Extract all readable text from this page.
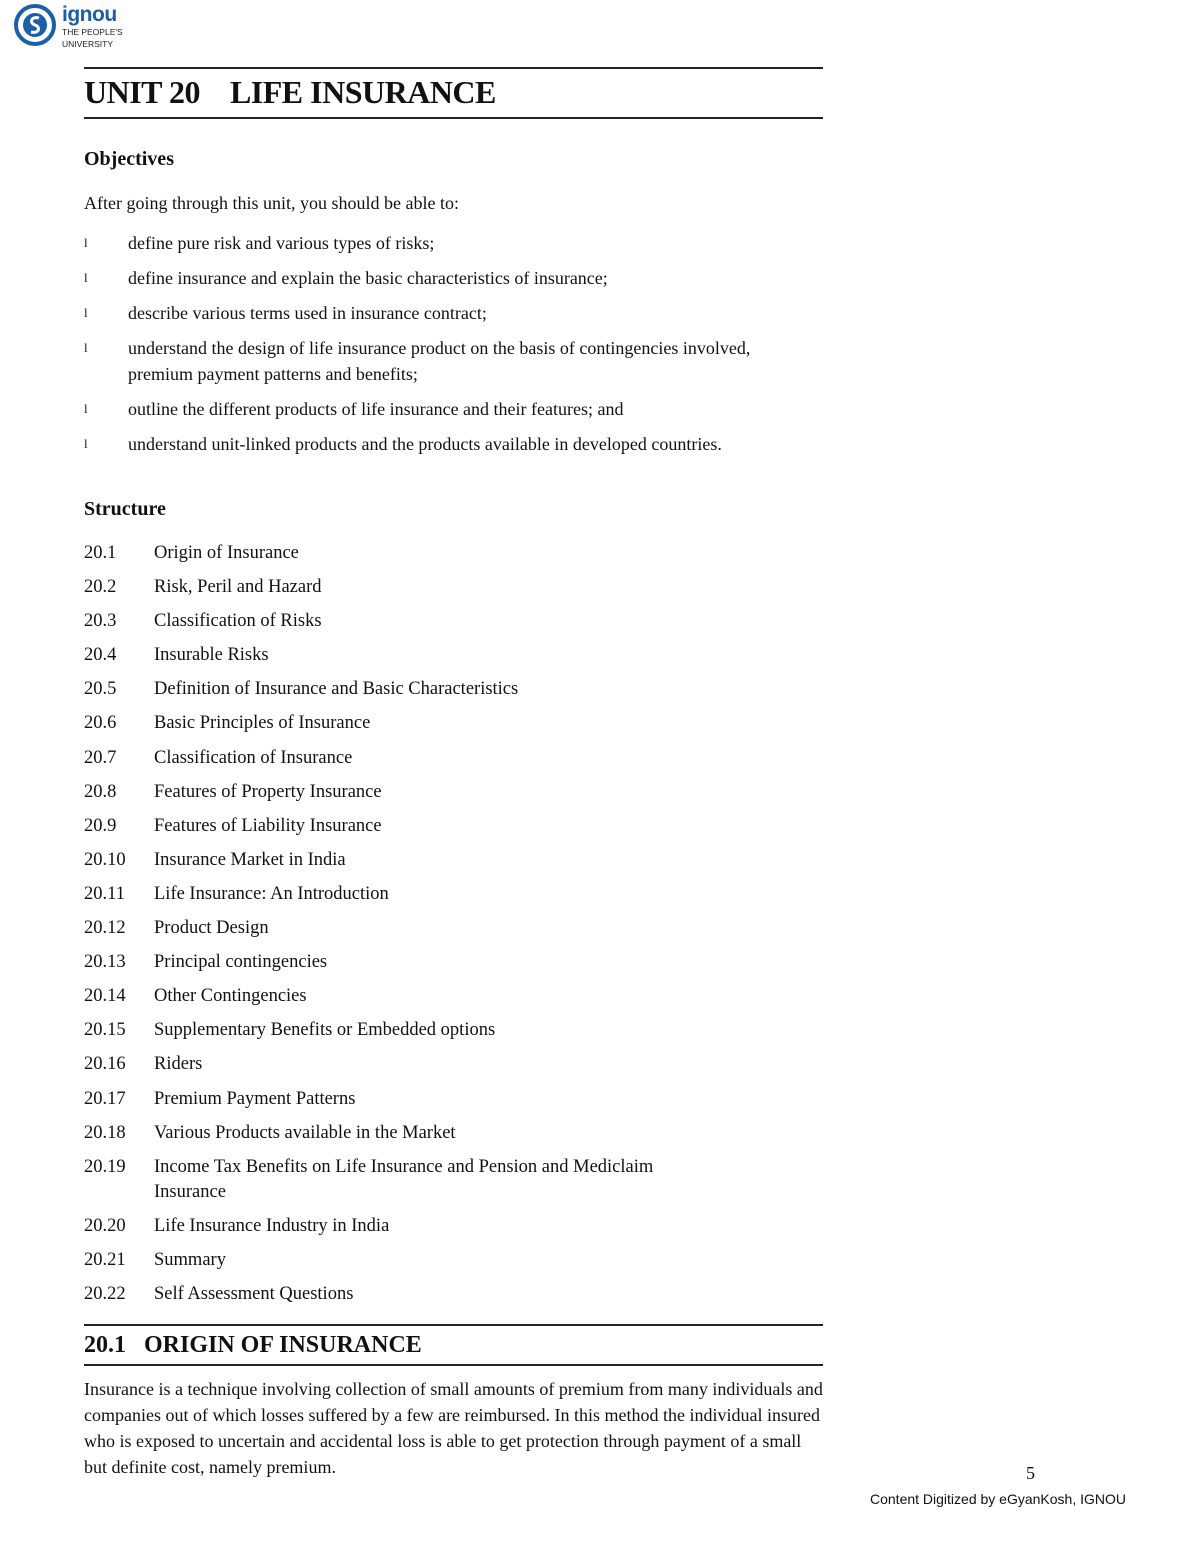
ignou
THE PEOPLE'S
UNIVERSITY
UNIT 20 LIFE INSURANCE
Objectives
After going through this unit, you should be able to:
l define pure risk and various types of risks;
l define insurance and explain the basic characteristics of insurance;
l describe various terms used in insurance contract;
l understand the design of life insurance product on the basis of contingencies involved, premium payment patterns and benefits;
l outline the different products of life insurance and their features; and
l understand unit-linked products and the products available in developed countries.
Structure
20.1	Origin of Insurance
20.2	Risk, Peril and Hazard
20.3	Classification of Risks
20.4	Insurable Risks
20.5	Definition of Insurance and Basic Characteristics
20.6	Basic Principles of Insurance
20.7	Classification of Insurance
20.8	Features of Property Insurance
20.9	Features of Liability Insurance
20.10	Insurance Market in India
20.11	Life Insurance: An Introduction
20.12	Product Design
20.13	Principal contingencies
20.14	Other Contingencies
20.15	Supplementary Benefits or Embedded options
20.16	Riders
20.17	Premium Payment Patterns
20.18	Various Products available in the Market
20.19	Income Tax Benefits on Life Insurance and Pension and Mediclaim Insurance
20.20	Life Insurance Industry in India
20.21	Summary
20.22	Self Assessment Questions
20.1 ORIGIN OF INSURANCE
Insurance is a technique involving collection of small amounts of premium from many individuals and companies out of which losses suffered by a few are reimbursed. In this method the individual insured who is exposed to uncertain and accidental loss is able to get protection through payment of a small but definite cost, namely premium.	5
Content Digitized by eGyanKosh, IGNOU
